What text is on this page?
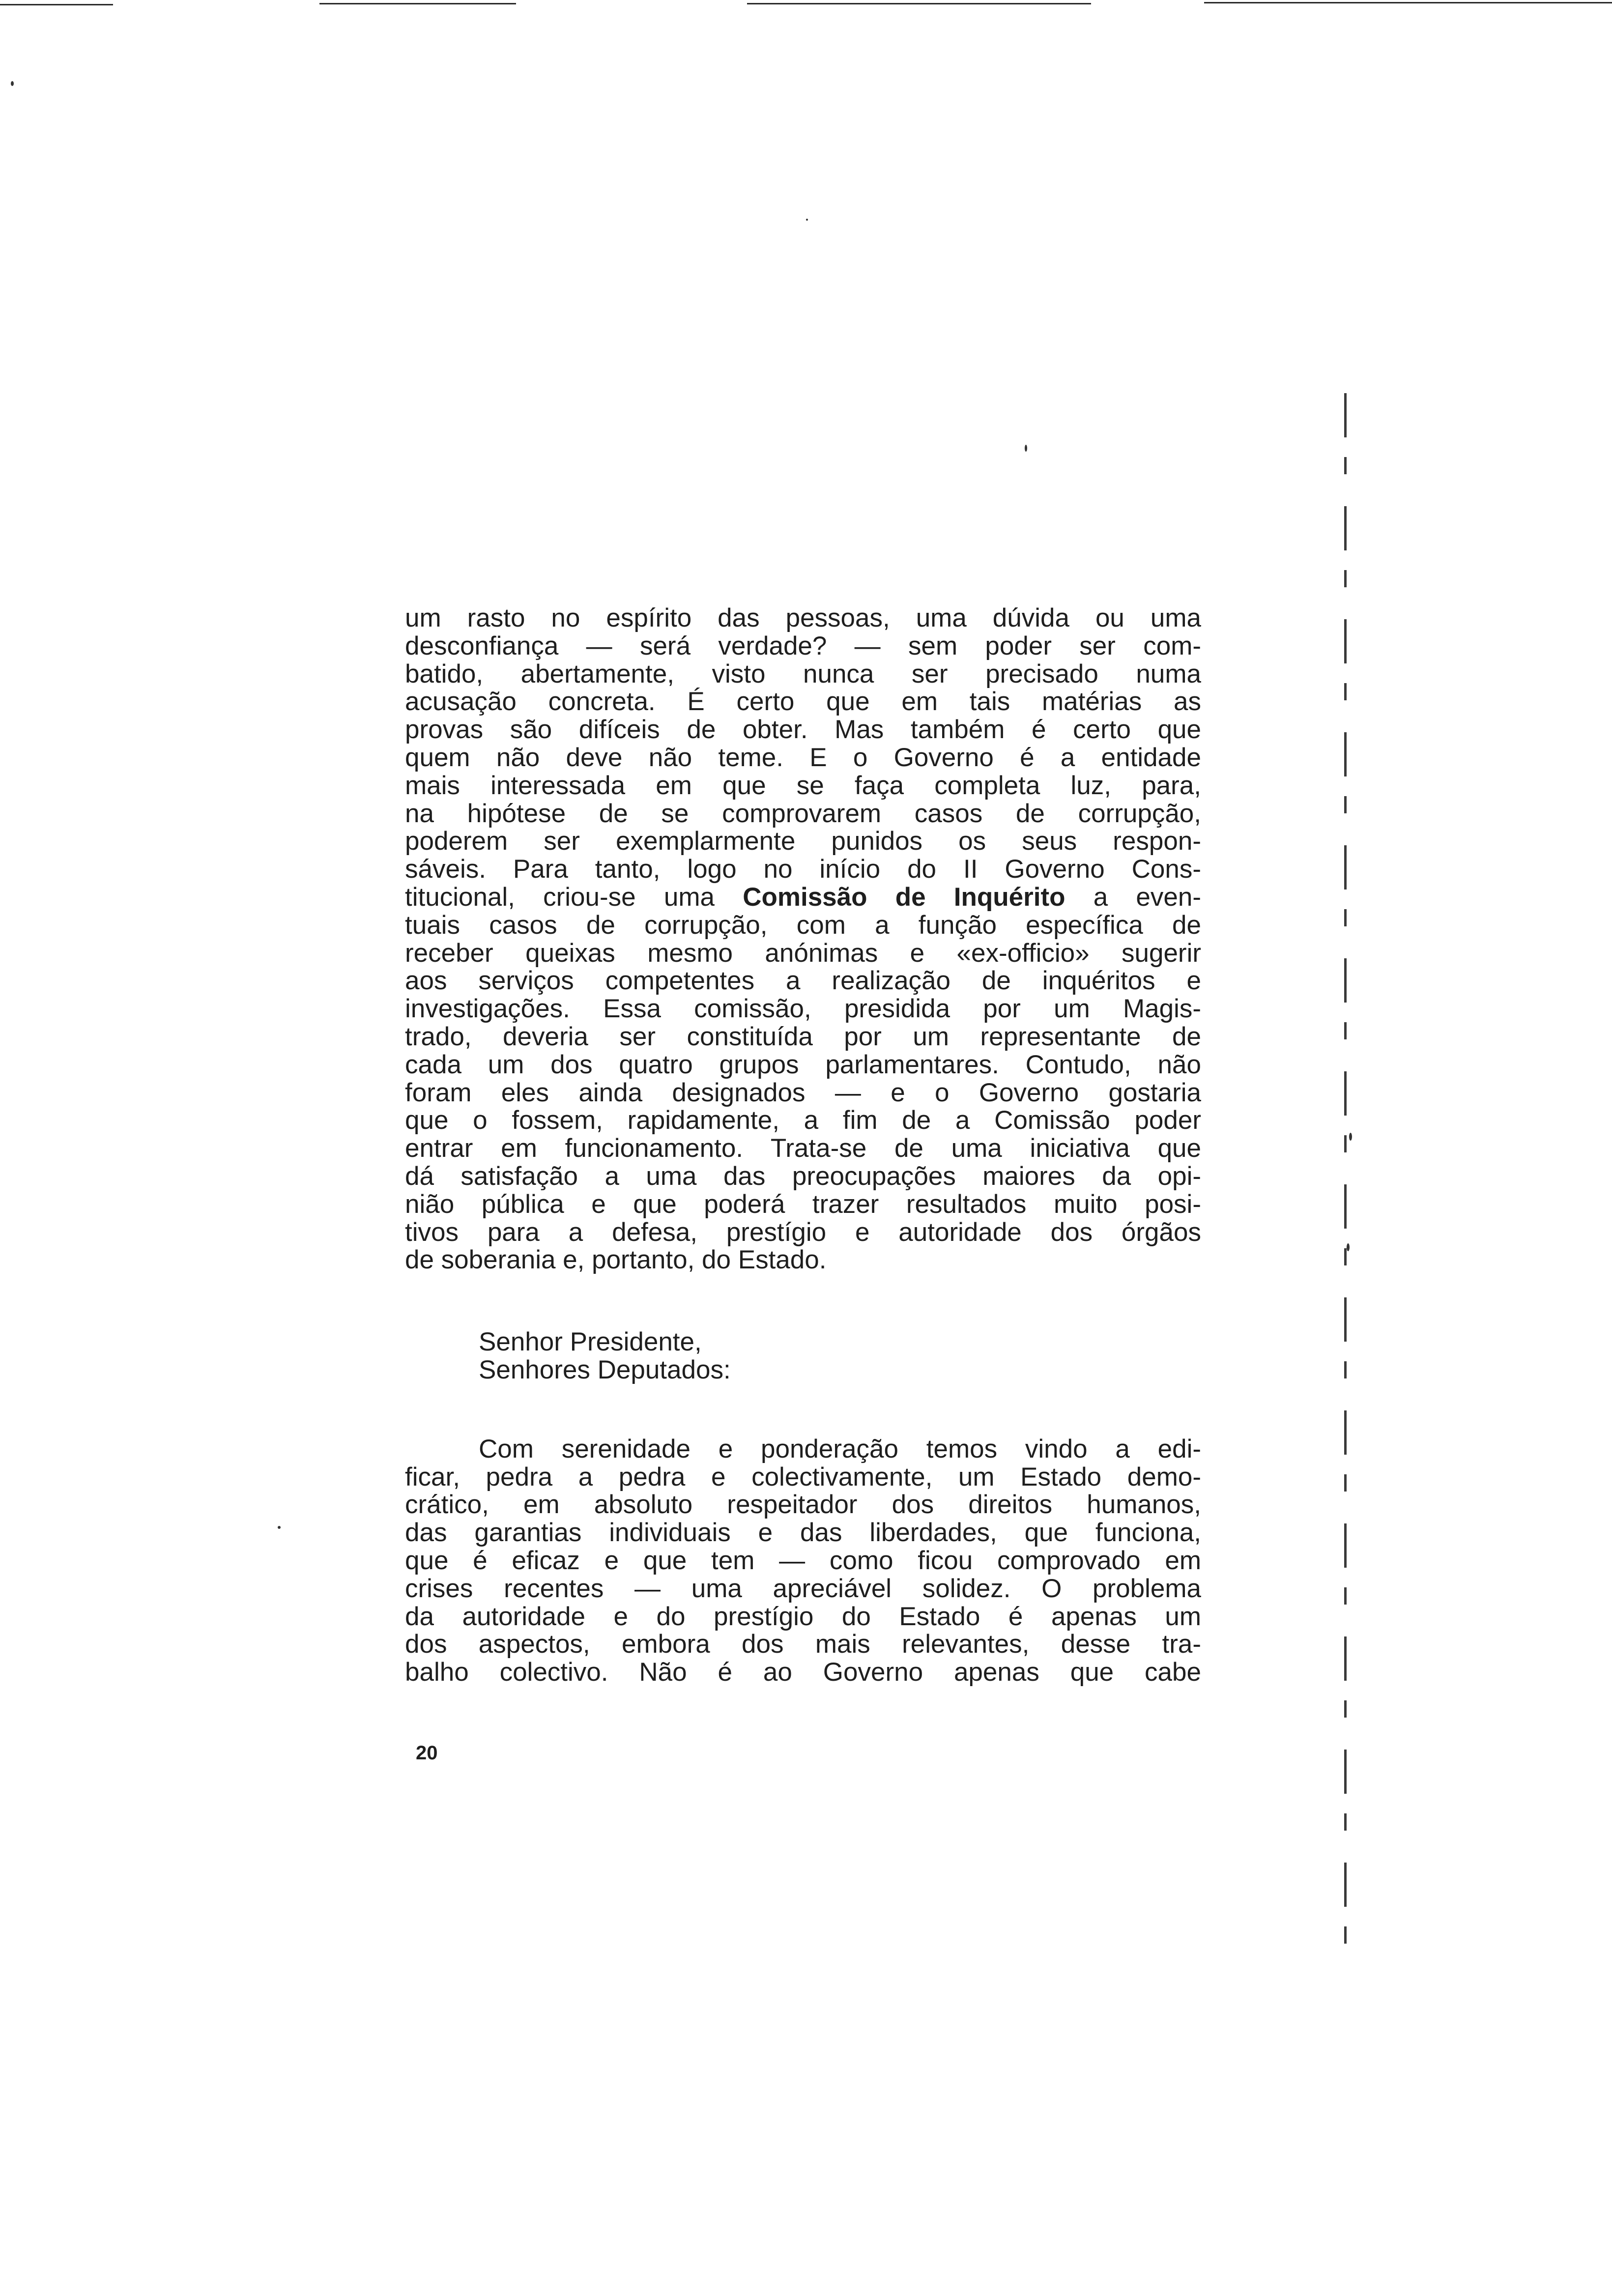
um rasto no espírito das pessoas, uma dúvida ou uma
desconfiança — será verdade? — sem poder ser com-
batido, abertamente, visto nunca ser precisado numa
acusação concreta. É certo que em tais matérias as
provas são difíceis de obter. Mas também é certo que
quem não deve não teme. E o Governo é a entidade
mais interessada em que se faça completa luz, para,
na hipótese de se comprovarem casos de corrupção,
poderem ser exemplarmente punidos os seus respon-
sáveis. Para tanto, logo no início do II Governo Cons-
titucional, criou-se uma Comissão de Inquérito a even-
tuais casos de corrupção, com a função específica de
receber queixas mesmo anónimas e «ex-officio» sugerir
aos serviços competentes a realização de inquéritos e
investigações. Essa comissão, presidida por um Magis-
trado, deveria ser constituída por um representante de
cada um dos quatro grupos parlamentares. Contudo, não
foram eles ainda designados — e o Governo gostaria
que o fossem, rapidamente, a fim de a Comissão poder
entrar em funcionamento. Trata-se de uma iniciativa que
dá satisfação a uma das preocupações maiores da opi-
nião pública e que poderá trazer resultados muito posi-
tivos para a defesa, prestígio e autoridade dos órgãos
de soberania e, portanto, do Estado.
Senhor Presidente,
Senhores Deputados:
Com serenidade e ponderação temos vindo a edi-
ficar, pedra a pedra e colectivamente, um Estado demo-
crático, em absoluto respeitador dos direitos humanos,
das garantias individuais e das liberdades, que funciona,
que é eficaz e que tem — como ficou comprovado em
crises recentes — uma apreciável solidez. O problema
da autoridade e do prestígio do Estado é apenas um
dos aspectos, embora dos mais relevantes, desse tra-
balho colectivo. Não é ao Governo apenas que cabe
20
